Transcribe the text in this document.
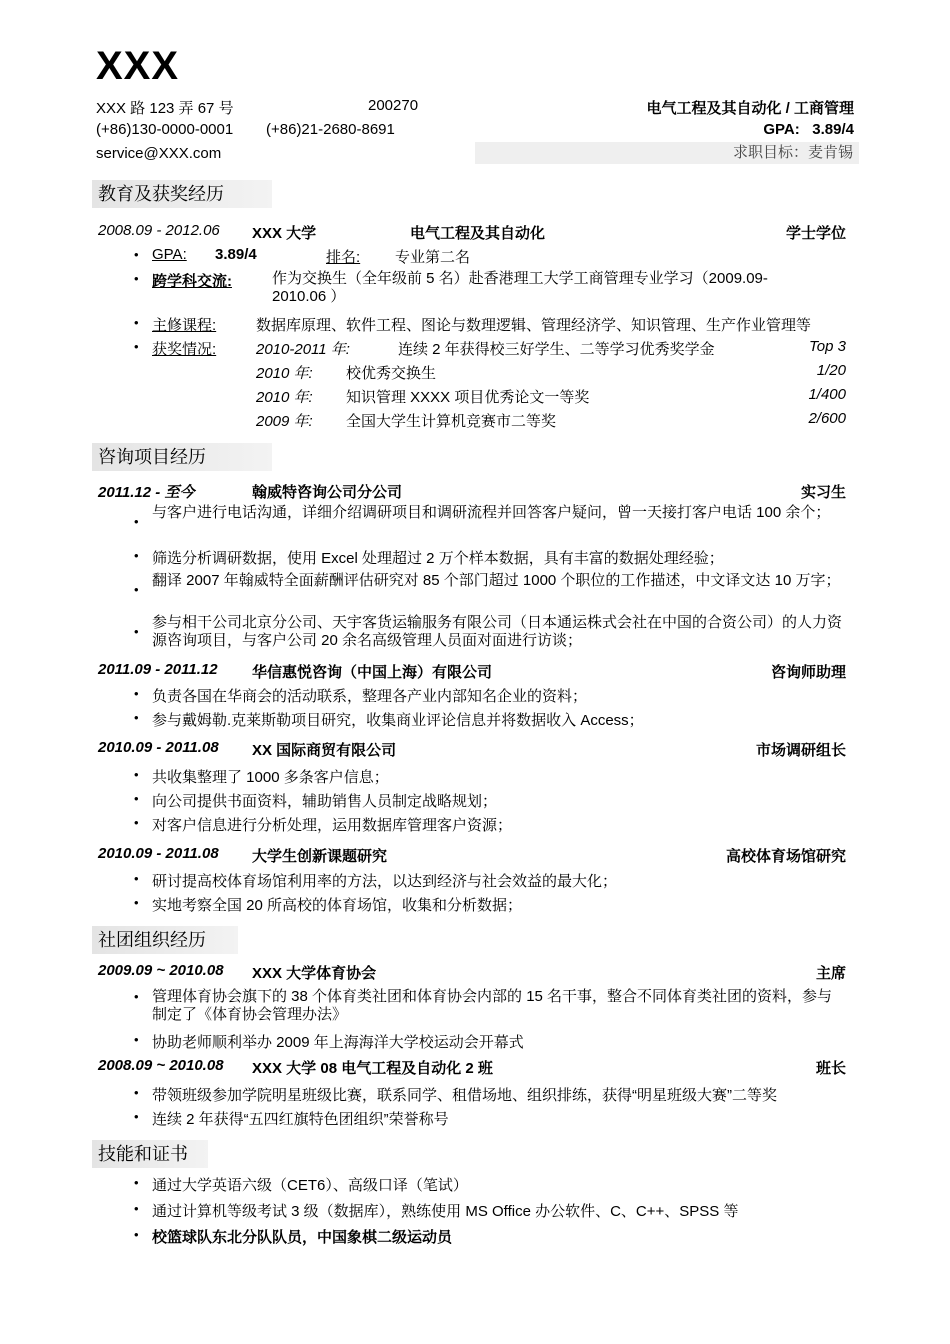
XXX
XXX 路 123 弄 67 号	200270
(+86)130-0000-0001 (+86)21-2680-8691
service@XXX.com
电气工程及其自动化 / 工商管理
GPA: 3.89/4
求职目标：麦肯锡
教育及获奖经历
2008.09 - 2012.06 XXX 大学	电气工程及其自动化	学士学位
• GPA: 3.89/4	排名: 专业第二名
• 跨学科交流:	作为交换生（全年级前 5 名）赴香港理工大学工商管理专业学习（2009.09-2010.06 ）
• 主修课程:	数据库原理、软件工程、图论与数理逻辑、管理经济学、知识管理、生产作业管理等
• 获奖情况:	2010-2011 年:	连续 2 年获得校三好学生、二等学习优秀奖学金	Top 3
2010 年: 校优秀交换生	1/20
2010 年: 知识管理 XXXX 项目优秀论文一等奖	1/400
2009 年: 全国大学生计算机竞赛市二等奖	2/600
咨询项目经历
2011.12 - 至今	翰威特咨询公司分公司	实习生
•
与客户进行电话沟通，详细介绍调研项目和调研流程并回答客户疑问，曾一天接打客户电话 100 余个；
• 筛选分析调研数据，使用 Excel 处理超过 2 万个样本数据，具有丰富的数据处理经验；
•
翻译 2007 年翰威特全面薪酬评估研究对 85 个部门超过 1000 个职位的工作描述，中文译文达 10 万字；
•
参与相干公司北京分公司、天宇客货运输服务有限公司（日本通运株式会社在中国的合资公司）的人力资源咨询项目，与客户公司 20 余名高级管理人员面对面进行访谈；
2011.09 - 2011.12 华信惠悦咨询（中国上海）有限公司	咨询师助理
• 负责各国在华商会的活动联系，整理各产业内部知名企业的资料；
• 参与戴姆勒.克莱斯勒项目研究，收集商业评论信息并将数据收入 Access；
2010.09 - 2011.08 XX 国际商贸有限公司	市场调研组长
• 共收集整理了 1000 多条客户信息；
• 向公司提供书面资料，辅助销售人员制定战略规划；
• 对客户信息进行分析处理，运用数据库管理客户资源；
2010.09 - 2011.08 大学生创新课题研究	高校体育场馆研究
• 研讨提高校体育场馆利用率的方法，以达到经济与社会效益的最大化；
• 实地考察全国 20 所高校的体育场馆，收集和分析数据；
社团组织经历
2009.09 ~ 2010.08 XXX 大学体育协会	主席
• 管理体育协会旗下的 38 个体育类社团和体育协会内部的 15 名干事，整合不同体育类社团的资料，参与制定了《体育协会管理办法》
• 协助老师顺利举办 2009 年上海海洋大学校运动会开幕式
2008.09 ~ 2010.08 XXX 大学 08 电气工程及自动化 2 班	班长
• 带领班级参加学院明星班级比赛，联系同学、租借场地、组织排练，获得“明星班级大赛”二等奖
• 连续 2 年获得“五四红旗特色团组织”荣誉称号
技能和证书
• 通过大学英语六级（CET6）、高级口译（笔试）
• 通过计算机等级考试 3 级（数据库），熟练使用 MS Office 办公软件、C、C++、SPSS 等
• 校篮球队东北分队队员，中国象棋二级运动员
